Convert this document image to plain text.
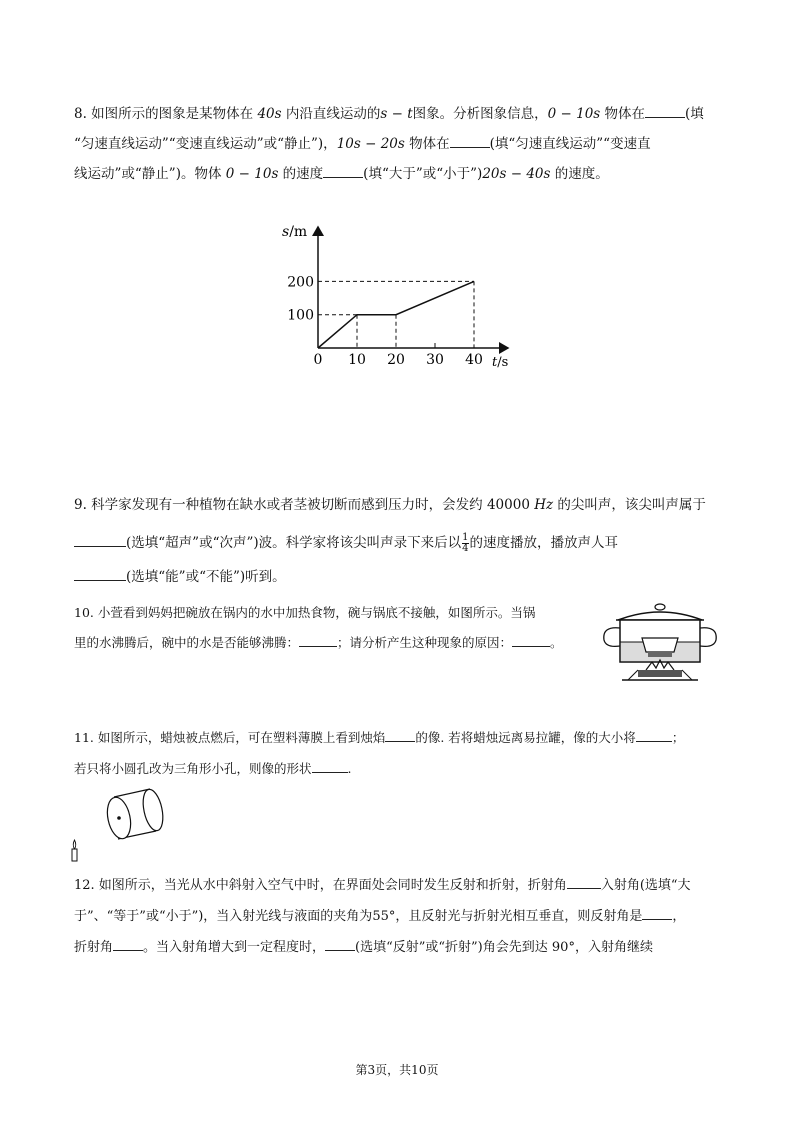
8. 如图所示的图象是某物体在 40s 内沿直线运动的s − t图象。分析图象信息，0 − 10s 物体在	(填
“匀速直线运动”“变速直线运动”或“静止”)，10s − 20s 物体在	(填“匀速直线运动”“变速直
线运动”或“静止”)。物体 0 − 10s 的速度	(填“大于”或“小于”)20s − 40s 的速度。
s/m
t/s
0 10 20 30 40
100
200
9. 科学家发现有一种植物在缺水或者茎被切断而感到压力时，会发约 40000 Hz 的尖叫声，该尖叫声属于
(选填“超声”或“次声”)波。科学家将该尖叫声录下来后以 $\frac{1}{4}$ 的速度播放，播放声人耳
(选填“能”或“不能”)听到。
10. 小萱看到妈妈把碗放在锅内的水中加热食物，碗与锅底不接触，如图所示。当锅
里的水沸腾后，碗中的水是否能够沸腾：	；请分析产生这种现象的原因：	。
11. 如图所示，蜡烛被点燃后，可在塑料薄膜上看到烛焰 的像. 若将蜡烛远离易拉罐，像的大小将	；
若只将小圆孔改为三角形小孔，则像的形状	.
12. 如图所示，当光从水中斜射入空气中时，在界面处会同时发生反射和折射，折射角	入射角(选填“大
于”、“等于”或“小于”)，当入射光线与液面的夹角为55°，且反射光与折射光相互垂直，则反射角是 ，
折射角 。当入射角增大到一定程度时， (选填“反射”或“折射”)角会先到达 90°，入射角继续
第3页，共10页
